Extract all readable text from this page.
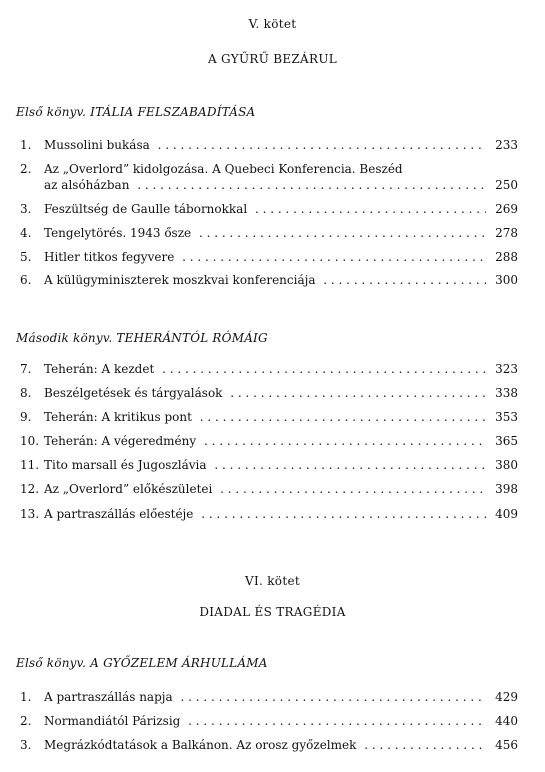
V. kötet
A GYŰRŰ BEZÁRUL
Első könyv. ITÁLIA FELSZABADÍTÁSA
1.	Mussolini bukása . . .	233
2.	Az „Overlord” kidolgozása. A Quebeci Konferencia. Beszéd
az alsóházban . . .	250
3.	Feszültség de Gaulle tábornokkal . . .	269
4.	Tengelytörés. 1943 ősze . . .	278
5.	Hitler titkos fegyvere . . .	288
6.	A külügyminiszterek moszkvai konferenciája . . .	300
Második könyv. TEHERÁNTÓL RÓMÁIG
7.	Teherán: A kezdet . . .	323
8.	Beszélgetések és tárgyalások . . .	338
9.	Teherán: A kritikus pont . . .	353
10. Teherán: A végeredmény . . .	365
11. Tito marsall és Jugoszlávia . . .	380
12. Az „Overlord” előkészületei . . .	398
13. A partraszállás előestéje . . .	409
VI. kötet
DIADAL ÉS TRAGÉDIA
Első könyv. A GYŐZELEM ÁRHULLÁMA
1.	A partraszállás napja . . .	429
2.	Normandiától Párizsig . . .	440
3.	Megrázkódtatások a Balkánon. Az orosz győzelmek . . .	456
